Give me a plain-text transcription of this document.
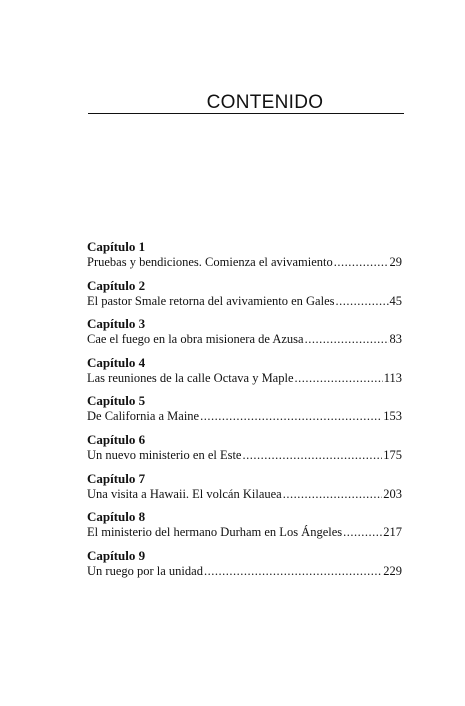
CONTENIDO
Capítulo 1
Pruebas y bendiciones. Comienza el avivamiento .....	29
Capítulo 2
El pastor Smale retorna del avivamiento en Gales .....	45
Capítulo 3
Cae el fuego en la obra misionera de Azusa .....	83
Capítulo 4
Las reuniones de la calle Octava y Maple .....	113
Capítulo 5
De California a Maine .....	153
Capítulo 6
Un nuevo ministerio en el Este .....	175
Capítulo 7
Una visita a Hawaii. El volcán Kilauea .....	203
Capítulo 8
El ministerio del hermano Durham en Los Ángeles .....	217
Capítulo 9
Un ruego por la unidad .....	229
